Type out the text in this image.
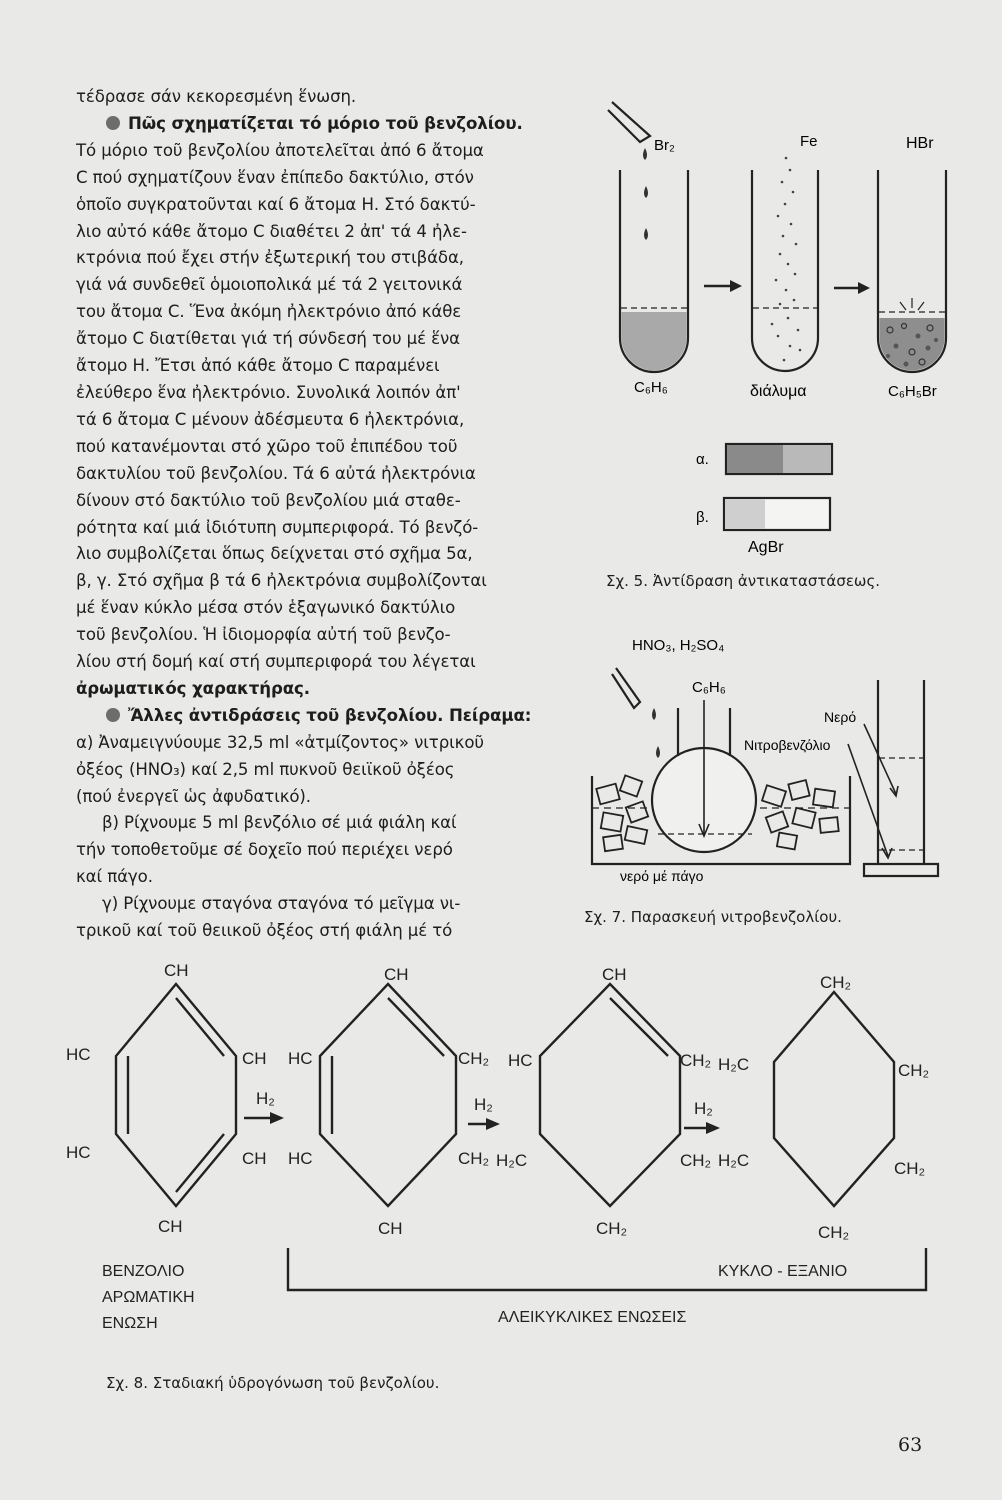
τέδρασε σάν κεκορεσμένη ἕνωση.
Πῶς σχηματίζεται τό μόριο τοῦ βενζολίου.
Τό μόριο τοῦ βενζολίου ἀποτελεῖται ἀπό 6 ἄτομα
C πού σχηματίζουν ἕναν ἐπίπεδο δακτύλιο, στόν
ὁποῖο συγκρατοῦνται καί 6 ἄτομα Η. Στό δακτύ-
λιο αὐτό κάθε ἄτομο C διαθέτει 2 ἀπ' τά 4 ἠλε-
κτρόνια πού ἔχει στήν ἐξωτερική του στιβάδα,
γιά νά συνδεθεῖ ὁμοιοπολικά μέ τά 2 γειτονικά
του ἄτομα C. Ἕνα ἀκόμη ἠλεκτρόνιο ἀπό κάθε
ἄτομο C διατίθεται γιά τή σύνδεσή του μέ ἕνα
ἄτομο Η. Ἔτσι ἀπό κάθε ἄτομο C παραμένει
ἐλεύθερο ἕνα ἠλεκτρόνιο. Συνολικά λοιπόν ἀπ'
τά 6 ἄτομα C μένουν ἀδέσμευτα 6 ἠλεκτρόνια,
πού κατανέμονται στό χῶρο τοῦ ἐπιπέδου τοῦ
δακτυλίου τοῦ βενζολίου. Τά 6 αὐτά ἠλεκτρόνια
δίνουν στό δακτύλιο τοῦ βενζολίου μιά σταθε-
ρότητα καί μιά ἰδιότυπη συμπεριφορά. Τό βενζό-
λιο συμβολίζεται ὅπως δείχνεται στό σχῆμα 5α,
β, γ. Στό σχῆμα β τά 6 ἠλεκτρόνια συμβολίζονται
μέ ἕναν κύκλο μέσα στόν ἑξαγωνικό δακτύλιο
τοῦ βενζολίου. Ἡ ἰδιομορφία αὐτή τοῦ βενζο-
λίου στή δομή καί στή συμπεριφορά του λέγεται
ἀρωματικός χαρακτήρας.
Ἄλλες ἀντιδράσεις τοῦ βενζολίου. Πείραμα:
α) Ἀναμειγνύουμε 32,5 ml «ἀτμίζοντος» νιτρικοῦ
ὀξέος (HNO₃) καί 2,5 ml πυκνοῦ θειϊκοῦ ὀξέος
(πού ἐνεργεῖ ὡς ἀφυδατικό).
β) Ρίχνουμε 5 ml βενζόλιο σέ μιά φιάλη καί
τήν τοποθετοῦμε σέ δοχεῖο πού περιέχει νερό
καί πάγο.
γ) Ρίχνουμε σταγόνα σταγόνα τό μεῖγμα νι-
τρικοῦ καί τοῦ θειικοῦ ὀξέος στή φιάλη μέ τό
Br₂	Fe	HBr
C₆H₆	διάλυμα	C₆H₅Br
α.
β.
AgBr
Σχ. 5. Ἀντίδραση ἀντικαταστάσεως.
HNO₃, H₂SO₄
C₆H₆
Νερό
Νιτροβενζόλιο
νερό μέ πάγο
Σχ. 7. Παρασκευή νιτροβενζολίου.
CH
HC	CH
HC	CH
CH
H₂
CH
HC	CH₂
HC	CH₂
CH
H₂
CH
HC	CH₂
H₂C	CH₂
CH₂
H₂
CH₂
H₂C	CH₂
H₂C	CH₂
CH₂
ΒΕΝΖΟΛΙΟ
ΑΡΩΜΑΤΙΚΗ
ΕΝΩΣΗ
ΚΥΚΛΟ - ΕΞΑΝΙΟ
ΑΛΕΙΚΥΚΛΙΚΕΣ ΕΝΩΣΕΙΣ
Σχ. 8. Σταδιακή ὑδρογόνωση τοῦ βενζολίου.
63
